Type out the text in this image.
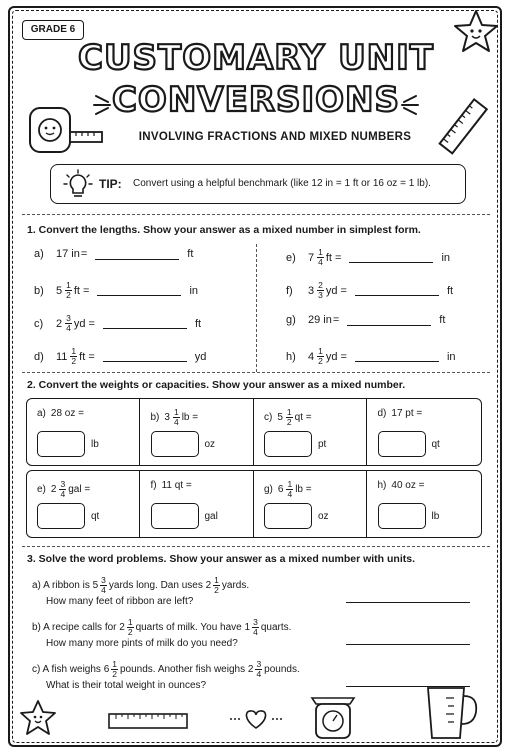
GRADE 6
CUSTOMARY UNIT
CONVERSIONS
INVOLVING FRACTIONS AND MIXED NUMBERS
TIP: Convert using a helpful benchmark (like 12 in = 1 ft or 16 oz = 1 lb).
1. Convert the lengths. Show your answer as a mixed number in simplest form.
a)	17 in =	ft
b)	$5 \frac{1}{2}$ ft =	in
c)	$2 \frac{3}{4}$ yd =	ft
d)	$11 \frac{1}{2}$ ft =	yd
e)	$7 \frac{1}{4}$ ft =	in
f)	$3 \frac{2}{3}$ yd =	ft
g)	29 in =	ft
h)	$4 \frac{1}{2}$ yd =	in
2. Convert the weights or capacities. Show your answer as a mixed number.
a) 28 oz =
lb
b) $3 \frac{1}{4}$ lb =
oz
c) $5 \frac{1}{2}$ qt =
pt
d) 17 pt =
qt
e) $2 \frac{3}{4}$ gal =
qt
f) 11 qt =
gal
g) $6 \frac{1}{4}$ lb =
oz
h) 40 oz =
lb
3. Solve the word problems. Show your answer as a mixed number with units.
a) A ribbon is $5 \frac{3}{4}$ yards long. Dan uses $2 \frac{1}{2}$ yards.
How many feet of ribbon are left?
b) A recipe calls for $2 \frac{1}{2}$ quarts of milk. You have $1 \frac{3}{4}$ quarts.
How many more pints of milk do you need?
c) A fish weighs $6 \frac{1}{2}$ pounds. Another fish weighs $2 \frac{3}{4}$ pounds.
What is their total weight in ounces?
